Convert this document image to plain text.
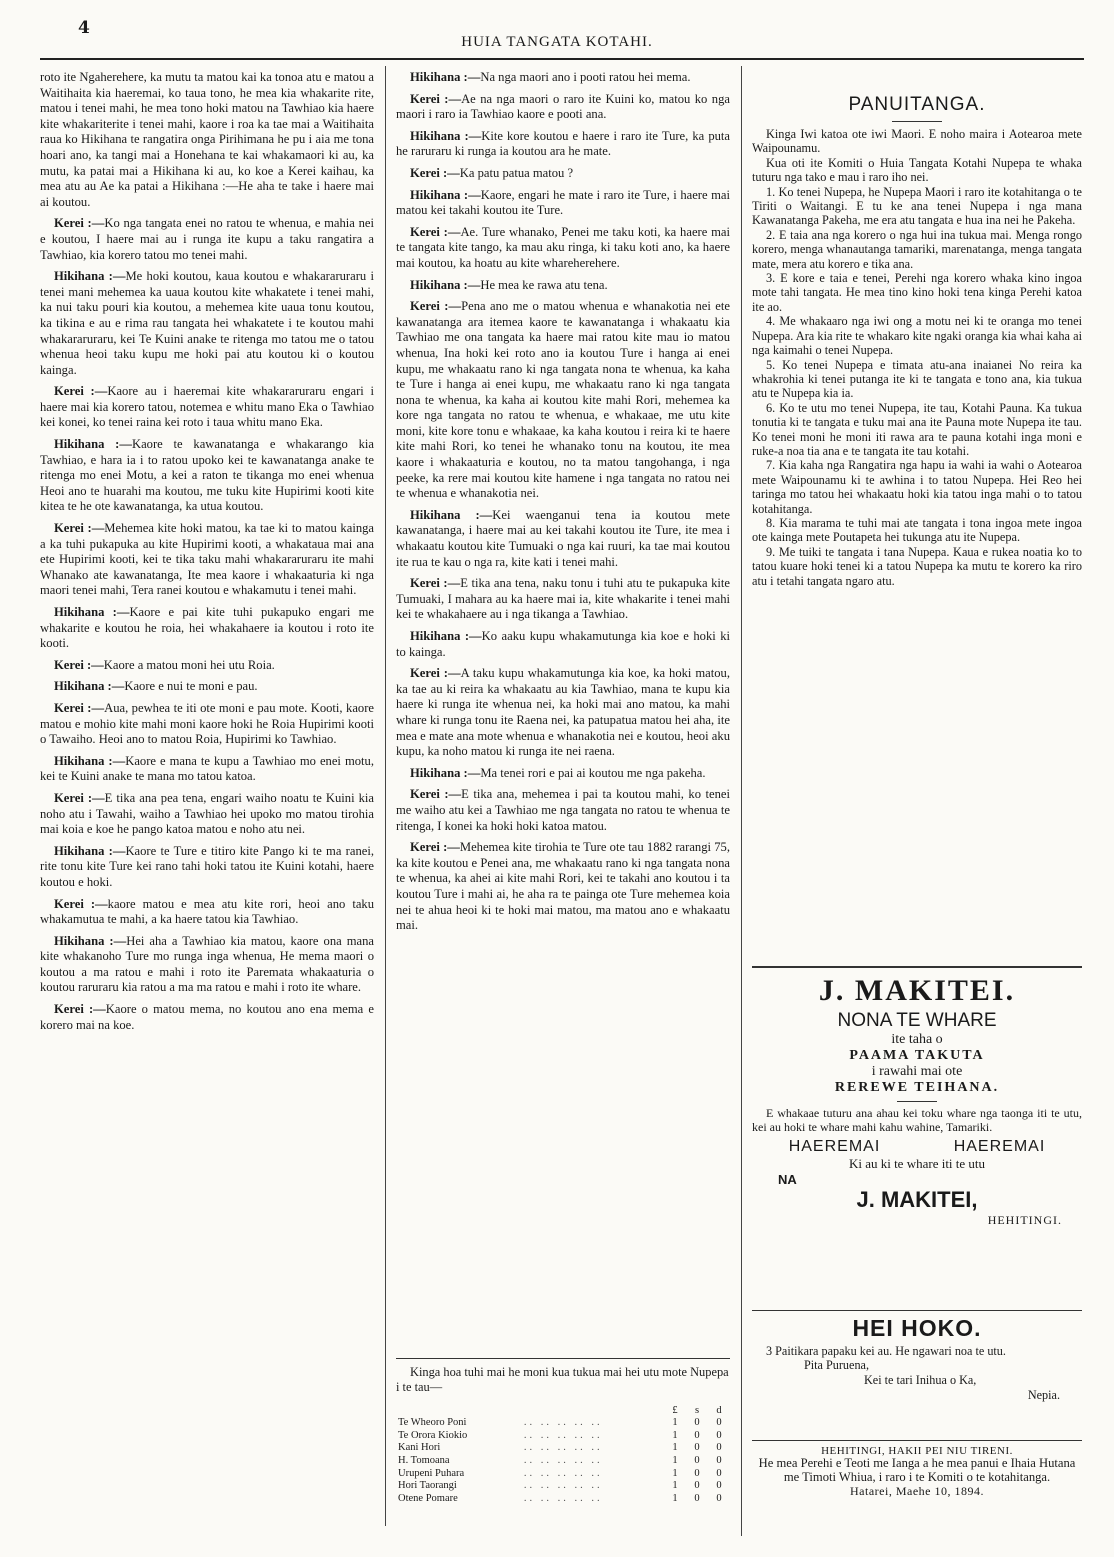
4
HUIA TANGATA KOTAHI.

roto ite Ngaherehere, ka mutu ta matou kai ka tonoa atu e matou a Waitihaita kia haeremai, ko taua tono, he mea kia whakarite rite, matou i tenei mahi, he mea tono hoki matou na Tawhiao kia haere kite whakariterite i tenei mahi, kaore i roa ka tae mai a Waitihaita raua ko Hikihana te rangatira onga Pirihimana he pu i aia me tona hoari ano, ka tangi mai a Honehana te kai whakamaori ki au, ka mutu, ka patai mai a Hikihana ki au, ko koe a Kerei kaihau, ka mea atu au Ae ka patai a Hikihana :—He aha te take i haere mai ai koutou.

Kerei :—Ko nga tangata enei no ratou te whenua, e mahia nei e koutou, I haere mai au i runga ite kupu a taku rangatira a Tawhiao, kia korero tatou mo tenei mahi.

Hikihana :—Me hoki koutou, kaua koutou e whakararuraru i tenei mani mehemea ka uaua koutou kite whakatete i tenei mahi, ka nui taku pouri kia koutou, a mehemea kite uaua tonu koutou, ka tikina e au e rima rau tangata hei whakatete i te koutou mahi whakararuraru, kei Te Kuini anake te ritenga mo tatou me o tatou whenua heoi taku kupu me hoki pai atu koutou ki o koutou kainga.

Kerei :—Kaore au i haeremai kite whakararuraru engari i haere mai kia korero tatou, notemea e whitu mano Eka o Tawhiao kei konei, ko tenei raina kei roto i taua whitu mano Eka.

Hikihana :—Kaore te kawanatanga e whakarango kia Tawhiao, e hara ia i to ratou upoko kei te kawanatanga anake te ritenga mo enei Motu, a kei a raton te tikanga mo enei whenua Heoi ano te huarahi ma koutou, me tuku kite Hupirimi kooti kite kitea te he ote kawanatanga, ka utua koutou.

Kerei :—Mehemea kite hoki matou, ka tae ki to matou kainga a ka tuhi pukapuka au kite Hupirimi kooti, a whakataua mai ana ete Hupirimi kooti, kei te tika taku mahi whakararuraru ite mahi Whanako ate kawanatanga, Ite mea kaore i whakaaturia ki nga maori tenei mahi, Tera ranei koutou e whakamutu i tenei mahi.

Hikihana :—Kaore e pai kite tuhi pukapuko engari me whakarite e koutou he roia, hei whakahaere ia koutou i roto ite kooti.

Kerei :—Kaore a matou moni hei utu Roia.

Hikihana :—Kaore e nui te moni e pau.

Kerei :—Aua, pewhea te iti ote moni e pau mote. Kooti, kaore matou e mohio kite mahi moni kaore hoki he Roia Hupirimi kooti o Tawaiho. Heoi ano to matou Roia, Hupirimi ko Tawhiao.

Hikihana :—Kaore e mana te kupu a Tawhiao mo enei motu, kei te Kuini anake te mana mo tatou katoa.

Kerei :—E tika ana pea tena, engari waiho noatu te Kuini kia noho atu i Tawahi, waiho a Tawhiao hei upoko mo matou tirohia mai koia e koe he pango katoa matou e noho atu nei.

Hikihana :—Kaore te Ture e titiro kite Pango ki te ma ranei, rite tonu kite Ture kei rano tahi hoki tatou ite Kuini kotahi, haere koutou e hoki.

Kerei :—kaore matou e mea atu kite rori, heoi ano taku whakamutua te mahi, a ka haere tatou kia Tawhiao.

Hikihana :—Hei aha a Tawhiao kia matou, kaore ona mana kite whakanoho Ture mo runga inga whenua, He mema maori o koutou a ma ratou e mahi i roto ite Paremata whakaaturia o koutou raruraru kia ratou a ma ma ratou e mahi i roto ite whare.

Kerei :—Kaore o matou mema, no koutou ano ena mema e korero mai na koe.

Hikihana :—Na nga maori ano i pooti ratou hei mema.

Kerei :—Ae na nga maori o raro ite Kuini ko, matou ko nga maori i raro ia Tawhiao kaore e pooti ana.

Hikihana :—Kite kore koutou e haere i raro ite Ture, ka puta he raruraru ki runga ia koutou ara he mate.

Kerei :—Ka patu patua matou ?

Hikihana :—Kaore, engari he mate i raro ite Ture, i haere mai matou kei takahi koutou ite Ture.

Kerei :—Ae. Ture whanako, Penei me taku koti, ka haere mai te tangata kite tango, ka mau aku ringa, ki taku koti ano, ka haere mai koutou, ka hoatu au kite whareherehere.

Hikihana :—He mea ke rawa atu tena.

Kerei :—Pena ano me o matou whenua e whanakotia nei ete kawanatanga ara itemea kaore te kawanatanga i whakaatu kia Tawhiao me ona tangata ka haere mai ratou kite mau io matou whenua, Ina hoki kei roto ano ia koutou Ture i hanga ai enei kupu, me whakaatu rano ki nga tangata nona te whenua, ka kaha te Ture i hanga ai enei kupu, me whakaatu rano ki nga tangata nona te whenua, ka kaha ai koutou kite mahi Rori, mehemea ka kore nga tangata no ratou te whenua, e whakaae, me utu kite moni, kite kore tonu e whakaae, ka kaha koutou i reira ki te haere kite mahi Rori, ko tenei he whanako tonu na koutou, ite mea kaore i whakaaturia e koutou, no ta matou tangohanga, i nga peeke, ka rere mai koutou kite hamene i nga tangata no ratou nei te whenua e whanakotia nei.

Hikihana :—Kei waenganui tena ia koutou mete kawanatanga, i haere mai au kei takahi koutou ite Ture, ite mea i whakaatu koutou kite Tumuaki o nga kai ruuri, ka tae mai koutou ite rua te kau o nga ra, kite kati i tenei mahi.

Kerei :—E tika ana tena, naku tonu i tuhi atu te pukapuka kite Tumuaki, I mahara au ka haere mai ia, kite whakarite i tenei mahi kei te whakahaere au i nga tikanga a Tawhiao.

Hikihana :—Ko aaku kupu whakamutunga kia koe e hoki ki to kainga.

Kerei :—A taku kupu whakamutunga kia koe, ka hoki matou, ka tae au ki reira ka whakaatu au kia Tawhiao, mana te kupu kia haere ki runga ite whenua nei, ka hoki mai ano matou, ka mahi whare ki runga tonu ite Raena nei, ka patupatua matou hei aha, ite mea e mate ana mote whenua e whanakotia nei e koutou, heoi aku kupu, ka noho matou ki runga ite nei raena.

Hikihana :—Ma tenei rori e pai ai koutou me nga pakeha.

Kerei :—E tika ana, mehemea i pai ta koutou mahi, ko tenei me waiho atu kei a Tawhiao me nga tangata no ratou te whenua te ritenga, I konei ka hoki hoki katoa matou.

Kerei :—Mehemea kite tirohia te Ture ote tau 1882 rarangi 75, ka kite koutou e Penei ana, me whakaatu rano ki nga tangata nona te whenua, ka ahei ai kite mahi Rori, kei te takahi ano koutou i ta koutou Ture i mahi ai, he aha ra te painga ote Ture mehemea koia nei te ahua heoi ki te hoki mai matou, ma matou ano e whakaatu mai.

Kinga hoa tuhi mai he moni kua tukua mai hei utu mote Nupepa i te tau—

		£	s	d
Te Wheoro Poni	.. .. .. .. ..	1	0	0
Te Orora Kiokio	.. .. .. .. ..	1	0	0
Kani Hori	.. .. .. .. ..	1	0	0
H. Tomoana	.. .. .. .. ..	1	0	0
Urupeni Puhara	.. .. .. .. ..	1	0	0
Hori Taorangi	.. .. .. .. ..	1	0	0
Otene Pomare	.. .. .. .. ..	1	0	0
PANUITANGA.

Kinga Iwi katoa ote iwi Maori. E noho maira i Aotearoa mete Waipounamu.

Kua oti ite Komiti o Huia Tangata Kotahi Nupepa te whaka tuturu nga tako e mau i raro iho nei.

1. Ko tenei Nupepa, he Nupepa Maori i raro ite kotahitanga o te Tiriti o Waitangi. E tu ke ana tenei Nupepa i nga mana Kawanatanga Pakeha, me era atu tangata e hua ina nei he Pakeha.

2. E taia ana nga korero o nga hui ina tukua mai. Menga rongo korero, menga whanautanga tamariki, marenatanga, menga tangata mate, mera atu korero e tika ana.

3. E kore e taia e tenei, Perehi nga korero whaka kino ingoa mote tahi tangata. He mea tino kino hoki tena kinga Perehi katoa ite ao.

4. Me whakaaro nga iwi ong a motu nei ki te oranga mo tenei Nupepa. Ara kia rite te whakaro kite ngaki oranga kia whai kaha ai nga kaimahi o tenei Nupepa.

5. Ko tenei Nupepa e timata atu-ana inaianei No reira ka whakrohia ki tenei putanga ite ki te tangata e tono ana, kia tukua atu te Nupepa kia ia.

6. Ko te utu mo tenei Nupepa, ite tau, Kotahi Pauna. Ka tukua tonutia ki te tangata e tuku mai ana ite Pauna mote Nupepa ite tau. Ko tenei moni he moni iti rawa ara te pauna kotahi inga moni e ruke-a noa tia ana e te tangata ite tau kotahi.

7. Kia kaha nga Rangatira nga hapu ia wahi ia wahi o Aotearoa mete Waipounamu ki te awhina i to tatou Nupepa. Hei Reo hei taringa mo tatou hei whakaatu hoki kia tatou inga mahi o to tatou kotahitanga.

8. Kia marama te tuhi mai ate tangata i tona ingoa mete ingoa ote kainga mete Poutapeta hei tukunga atu ite Nupepa.

9. Me tuiki te tangata i tana Nupepa. Kaua e rukea noatia ko to tatou kuare hoki tenei ki a tatou Nupepa ka mutu te korero ka riro atu i tetahi tangata ngaro atu.

J. MAKITEI.
NONA TE WHARE
ite taha o
PAAMA TAKUTA
i rawahi mai ote
REREWE TEIHANA.

E whakaae tuturu ana ahau kei toku whare nga taonga iti te utu, kei au hoki te whare mahi kahu wahine, Tamariki.

HAEREMAI	HAEREMAI
Ki au ki te whare iti te utu
NA
J. MAKITEI,
HEHITINGI.
HEI HOKO.

3 Paitikara papaku kei au. He ngawari noa te utu.

Pita Puruena,
Kei te tari Inihua o Ka,
Nepia.
HEHITINGI, HAKII PEI NIU TIRENI.

He mea Perehi e Teoti me Ianga a he mea panui e Ihaia Hutana me Timoti Whiua, i raro i te Komiti o te kotahitanga.

Hatarei, Maehe 10, 1894.
